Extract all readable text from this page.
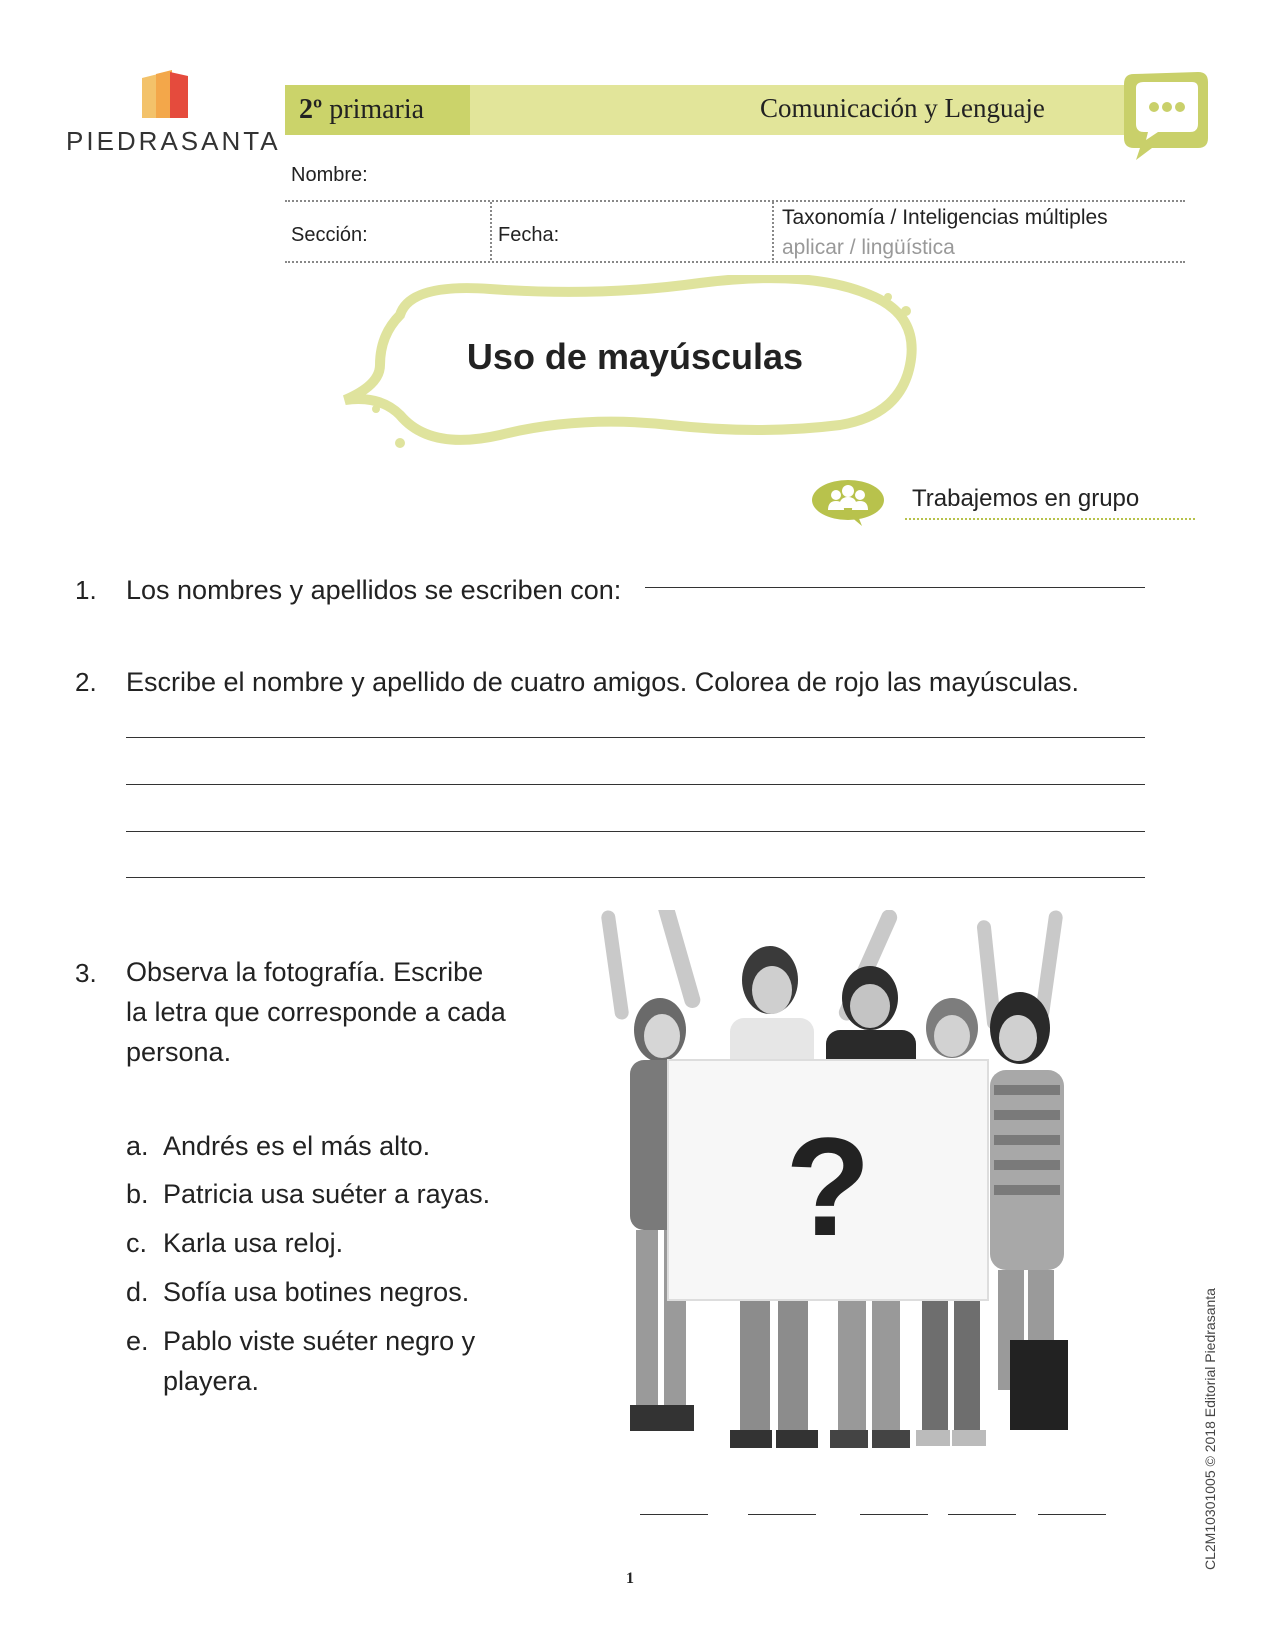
PIEDRASANTA
2º primaria	Comunicación y Lenguaje
Nombre:
Sección:	Fecha:
Taxonomía / Inteligencias múltiples
aplicar / lingüística
Uso de mayúsculas
Trabajemos en grupo
1. Los nombres y apellidos se escriben con:
2. Escribe el nombre y apellido de cuatro amigos. Colorea de rojo las mayúsculas.
3. Observa la fotografía. Escribe
la letra que corresponde a cada
persona.
a. Andrés es el más alto.
b. Patricia usa suéter a rayas.
c. Karla usa reloj.
d. Sofía usa botines negros.
e. Pablo viste suéter negro y
playera.
?
1
CL2M10301005 © 2018 Editorial Piedrasanta
